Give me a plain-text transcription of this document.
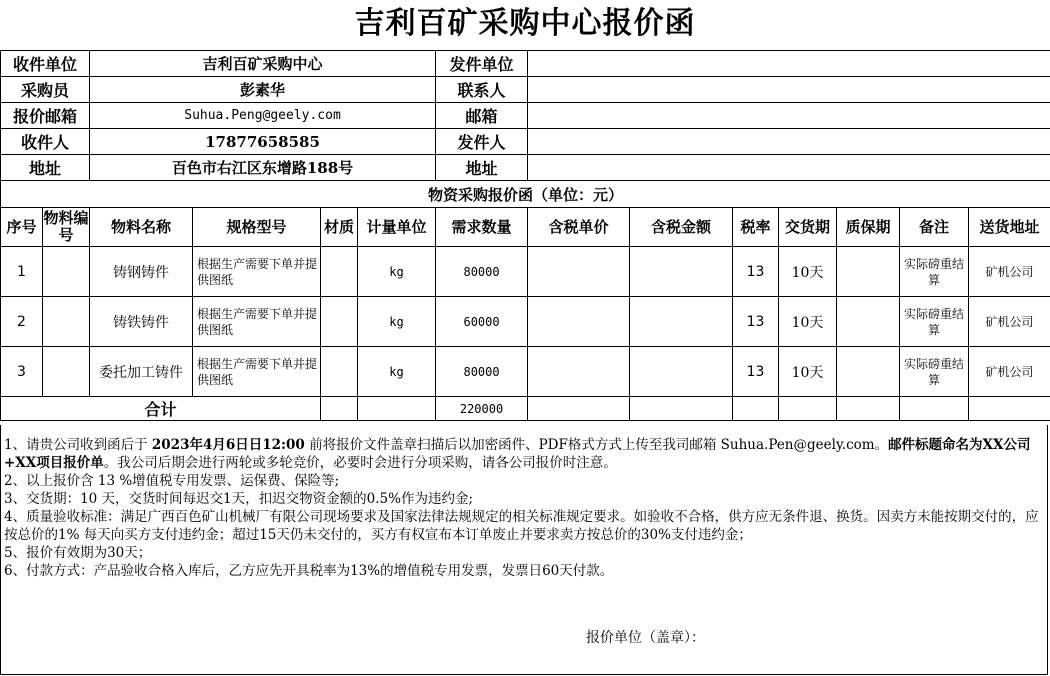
吉利百矿采购中心报价函
收件单位		吉利百矿采购中心				发件单位							
采购员		彭素华				联系人							
报价邮箱		Suhua.Peng@geely.com				邮箱							
收件人		17877658585				发件人							
地址		百色市右江区东增路188号				地址							
物资采购报价函（单位：元）													
序号	物料编号	物料名称	规格型号	材质	计量单位	需求数量	含税单价	含税金额	税率	交货期	质保期	备注	送货地址
1		铸钢铸件	根据生产需要下单并提供图纸		kg	80000			13	10天		实际磅重结算	矿机公司
2		铸铁铸件	根据生产需要下单并提供图纸		kg	60000			13	10天		实际磅重结算	矿机公司
3		委托加工铸件	根据生产需要下单并提供图纸		kg	80000			13	10天		实际磅重结算	矿机公司
合计						220000							

1、请贵公司收到函后于 2023年4月6日日12:00 前将报价文件盖章扫描后以加密函件、PDF格式方式上传至我司邮箱 Suhua.Pen@geely.com。邮件标题命名为XX公司+XX项目报价单。我公司后期会进行两轮或多轮竞价，必要时会进行分项采购，请各公司报价时注意。

2、以上报价含 13 %增值税专用发票、运保费、保险等;

3、交货期：10 天，交货时间每迟交1天，扣迟交物资金额的0.5%作为违约金;

4、质量验收标准：满足广西百色矿山机械厂有限公司现场要求及国家法律法规规定的相关标准规定要求。如验收不合格，供方应无条件退、换货。因卖方未能按期交付的，应按总价的1% 每天向买方支付违约金；超过15天仍未交付的，买方有权宣布本订单废止并要求卖方按总价的30%支付违约金；

5、报价有效期为30天；

6、付款方式：产品验收合格入库后，乙方应先开具税率为13%的增值税专用发票，发票日60天付款。

报价单位（盖章）：
